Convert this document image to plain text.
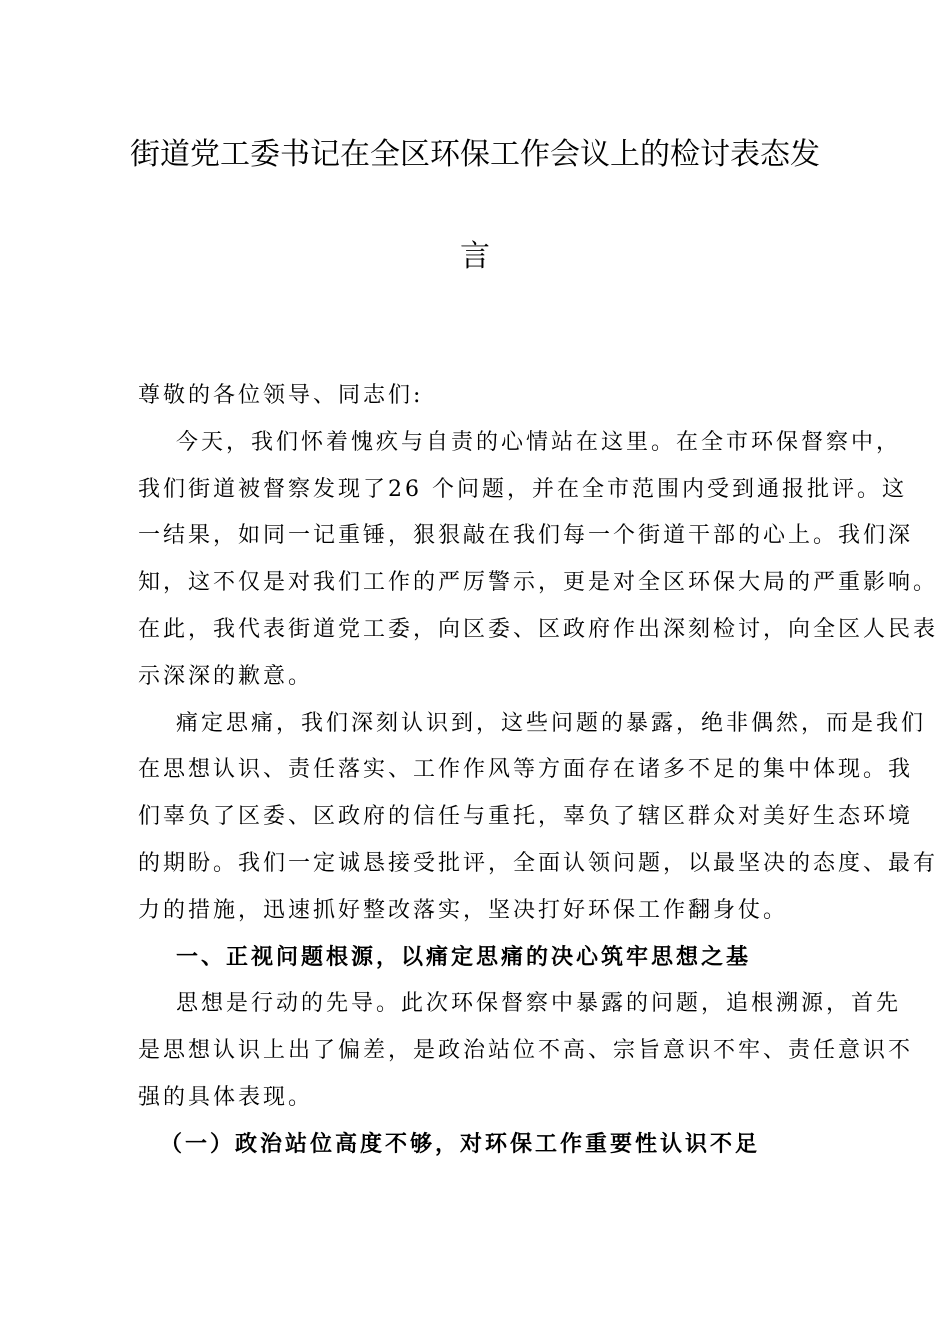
街道党工委书记在全区环保工作会议上的检讨表态发
言
尊敬的各位领导、同志们:
今天，我们怀着愧疚与自责的心情站在这里。在全市环保督察中，
我们街道被督察发现了26 个问题，并在全市范围内受到通报批评。这
一结果，如同一记重锤，狠狠敲在我们每一个街道干部的心上。我们深
知，这不仅是对我们工作的严厉警示，更是对全区环保大局的严重影响。
在此，我代表街道党工委，向区委、区政府作出深刻检讨，向全区人民表
示深深的歉意。
痛定思痛，我们深刻认识到，这些问题的暴露，绝非偶然，而是我们
在思想认识、责任落实、工作作风等方面存在诸多不足的集中体现。我
们辜负了区委、区政府的信任与重托，辜负了辖区群众对美好生态环境
的期盼。我们一定诚恳接受批评，全面认领问题，以最坚决的态度、最有
力的措施，迅速抓好整改落实，坚决打好环保工作翻身仗。
一、正视问题根源，以痛定思痛的决心筑牢思想之基
思想是行动的先导。此次环保督察中暴露的问题，追根溯源，首先
是思想认识上出了偏差，是政治站位不高、宗旨意识不牢、责任意识不
强的具体表现。
（一）政治站位高度不够，对环保工作重要性认识不足
